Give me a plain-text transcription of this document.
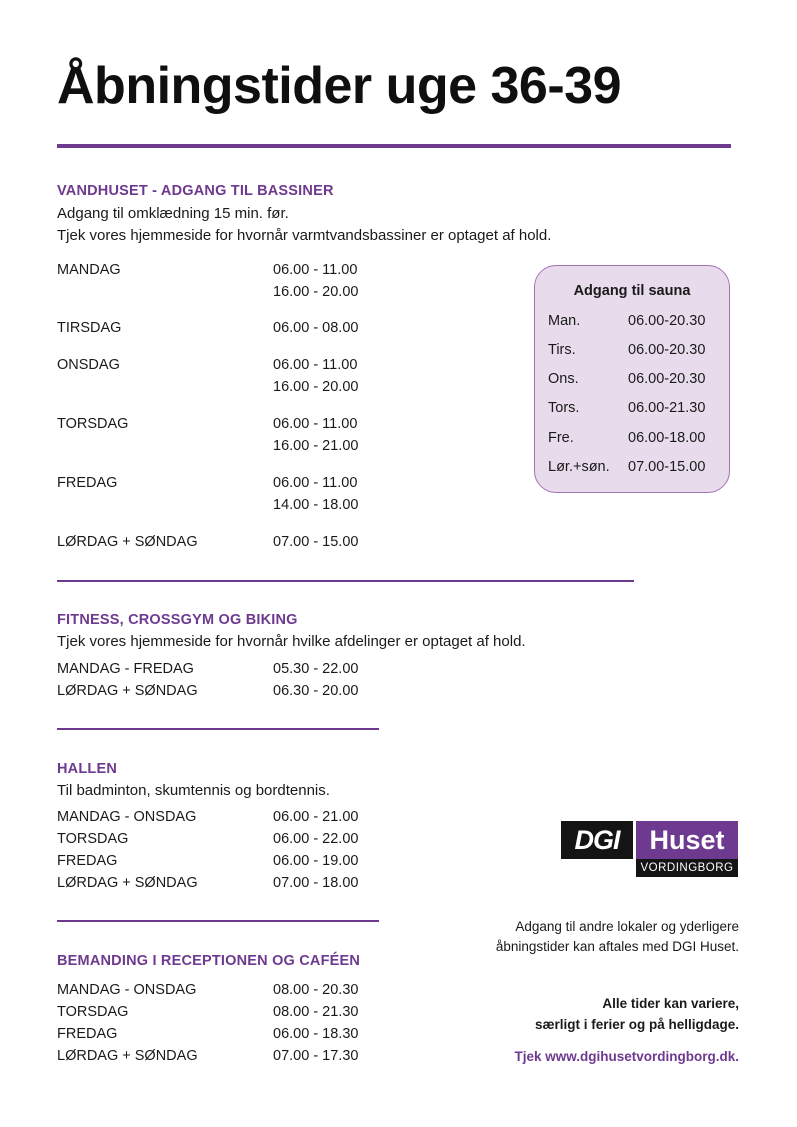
Åbningstider uge 36-39
VANDHUSET - ADGANG TIL BASSINER
Adgang til omklædning 15 min. før.
Tjek vores hjemmeside for hvornår varmtvandsbassiner er optaget af hold.
MANDAG	06.00 - 11.00
16.00 - 20.00
TIRSDAG	06.00 - 08.00
ONSDAG	06.00 - 11.00
16.00 - 20.00
TORSDAG	06.00 - 11.00
16.00 - 21.00
FREDAG	06.00 - 11.00
14.00 - 18.00
LØRDAG + SØNDAG	07.00 - 15.00
Adgang til sauna
Man.	06.00-20.30
Tirs.	06.00-20.30
Ons.	06.00-20.30
Tors.	06.00-21.30
Fre.	06.00-18.00
Lør.+søn. 07.00-15.00
FITNESS, CROSSGYM OG BIKING
Tjek vores hjemmeside for hvornår hvilke afdelinger er optaget af hold.
MANDAG - FREDAG	05.30 - 22.00
LØRDAG + SØNDAG	06.30 - 20.00
HALLEN
Til badminton, skumtennis og bordtennis.
MANDAG - ONSDAG	06.00 - 21.00
TORSDAG	06.00 - 22.00
FREDAG	06.00 - 19.00
LØRDAG + SØNDAG	07.00 - 18.00
BEMANDING I RECEPTIONEN OG CAFÉEN
MANDAG - ONSDAG	08.00 - 20.30
TORSDAG	08.00 - 21.30
FREDAG	06.00 - 18.30
LØRDAG + SØNDAG	07.00 - 17.30
DGI	Huset
VORDINGBORG
Adgang til andre lokaler og yderligere
åbningstider kan aftales med DGI Huset.
Alle tider kan variere,
særligt i ferier og på helligdage.
Tjek www.dgihusetvordingborg.dk.
